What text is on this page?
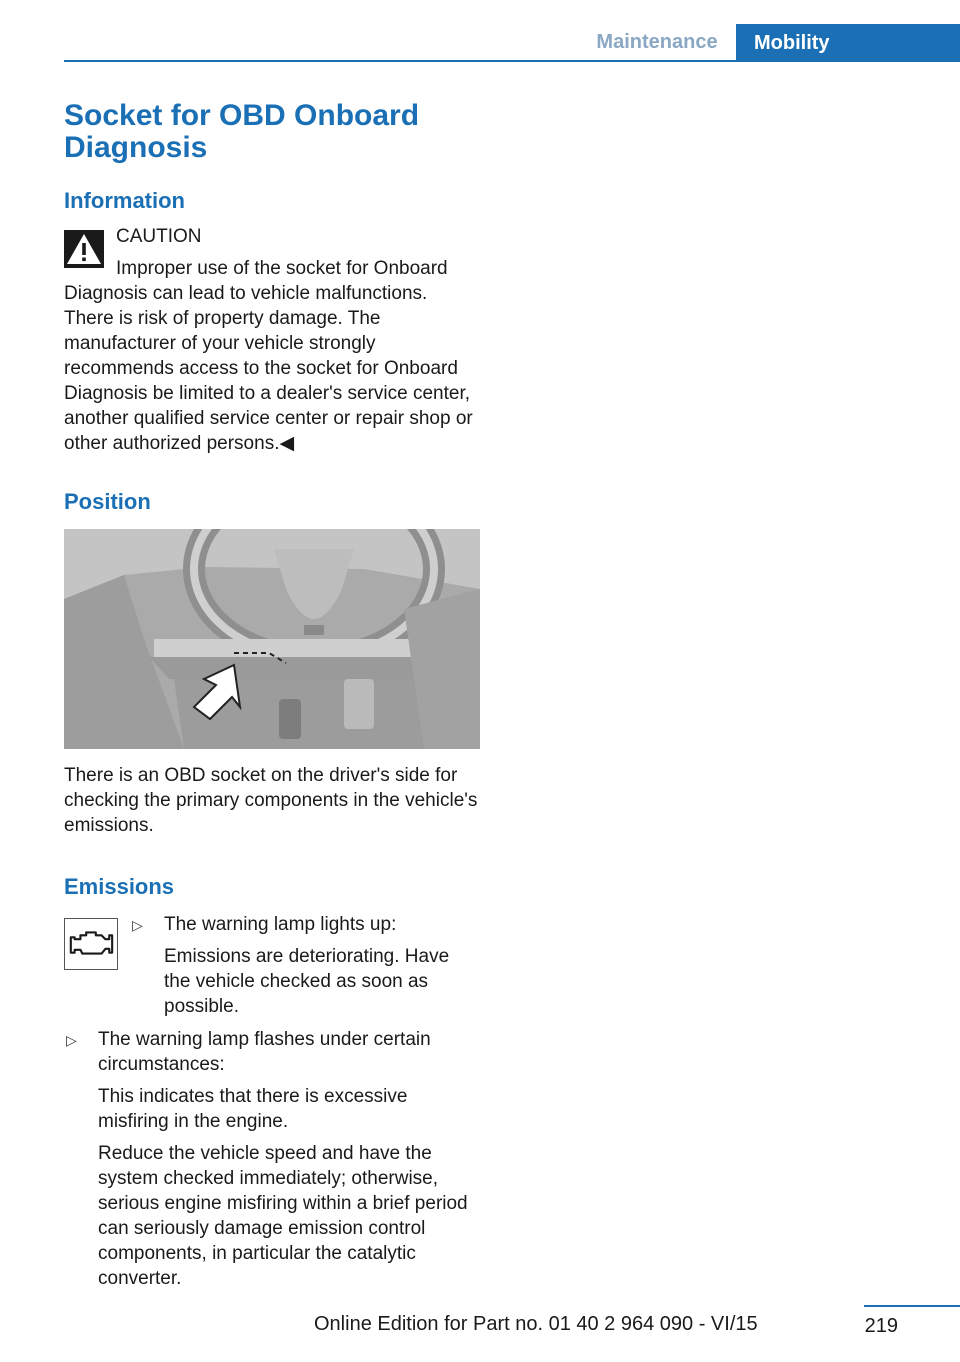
Maintenance	Mobility
Socket for OBD Onboard Diagnosis
Information
CAUTION

Improper use of the socket for Onboard Diagnosis can lead to vehicle malfunctions. There is risk of property damage. The manufacturer of your vehicle strongly recommends access to the socket for Onboard Diagnosis be limited to a dealer's service center, another qualified service center or repair shop or other authorized persons.◀

Position

There is an OBD socket on the driver's side for checking the primary components in the vehicle's emissions.

Emissions
▷ The warning lamp lights up:

Emissions are deteriorating. Have the vehicle checked as soon as possible.

▷ The warning lamp flashes under certain circumstances:

This indicates that there is excessive misfiring in the engine.

Reduce the vehicle speed and have the system checked immediately; otherwise, serious engine misfiring within a brief period can seriously damage emission control components, in particular the catalytic converter.

219
Online Edition for Part no. 01 40 2 964 090 - VI/15
